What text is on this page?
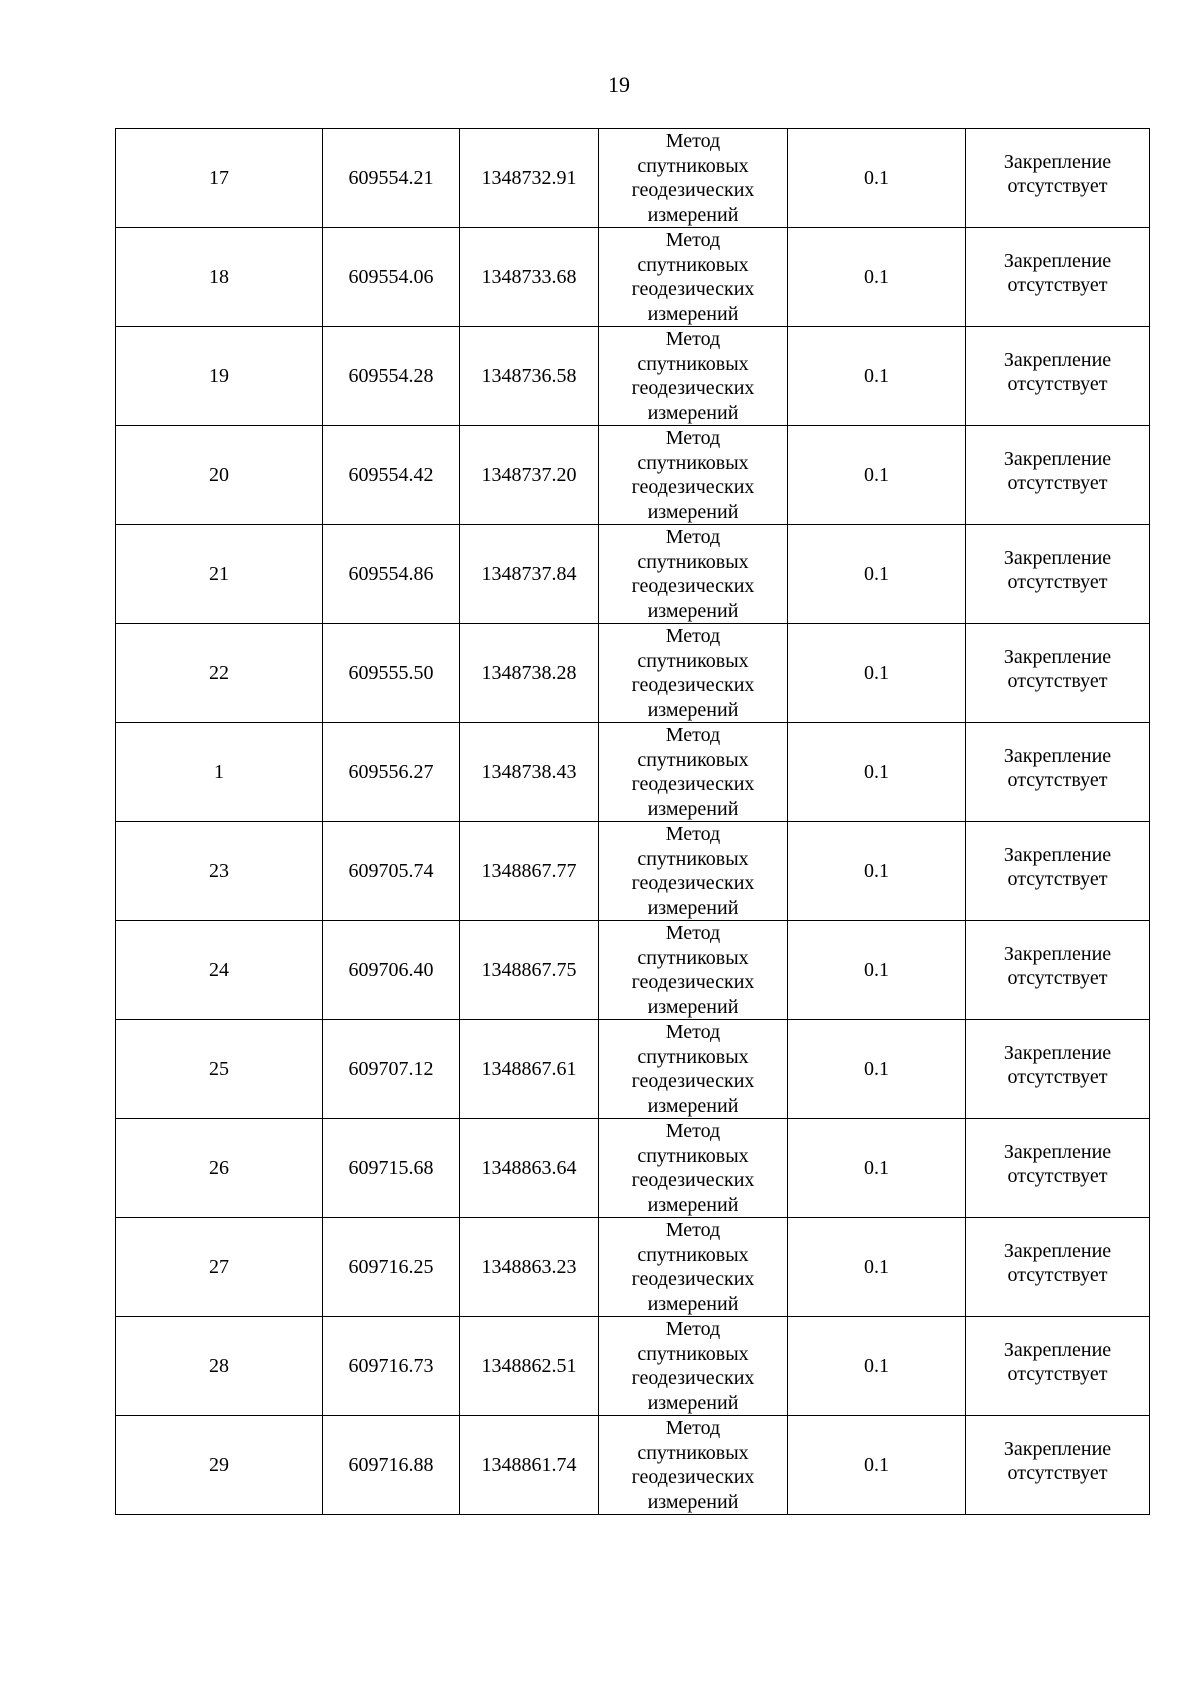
19
17	609554.21	1348732.91	Метод
спутниковых
геодезических
измерений	0.1	Закрепление
отсутствует
18	609554.06	1348733.68	Метод
спутниковых
геодезических
измерений	0.1	Закрепление
отсутствует
19	609554.28	1348736.58	Метод
спутниковых
геодезических
измерений	0.1	Закрепление
отсутствует
20	609554.42	1348737.20	Метод
спутниковых
геодезических
измерений	0.1	Закрепление
отсутствует
21	609554.86	1348737.84	Метод
спутниковых
геодезических
измерений	0.1	Закрепление
отсутствует
22	609555.50	1348738.28	Метод
спутниковых
геодезических
измерений	0.1	Закрепление
отсутствует
1	609556.27	1348738.43	Метод
спутниковых
геодезических
измерений	0.1	Закрепление
отсутствует
23	609705.74	1348867.77	Метод
спутниковых
геодезических
измерений	0.1	Закрепление
отсутствует
24	609706.40	1348867.75	Метод
спутниковых
геодезических
измерений	0.1	Закрепление
отсутствует
25	609707.12	1348867.61	Метод
спутниковых
геодезических
измерений	0.1	Закрепление
отсутствует
26	609715.68	1348863.64	Метод
спутниковых
геодезических
измерений	0.1	Закрепление
отсутствует
27	609716.25	1348863.23	Метод
спутниковых
геодезических
измерений	0.1	Закрепление
отсутствует
28	609716.73	1348862.51	Метод
спутниковых
геодезических
измерений	0.1	Закрепление
отсутствует
29	609716.88	1348861.74	Метод
спутниковых
геодезических
измерений	0.1	Закрепление
отсутствует
